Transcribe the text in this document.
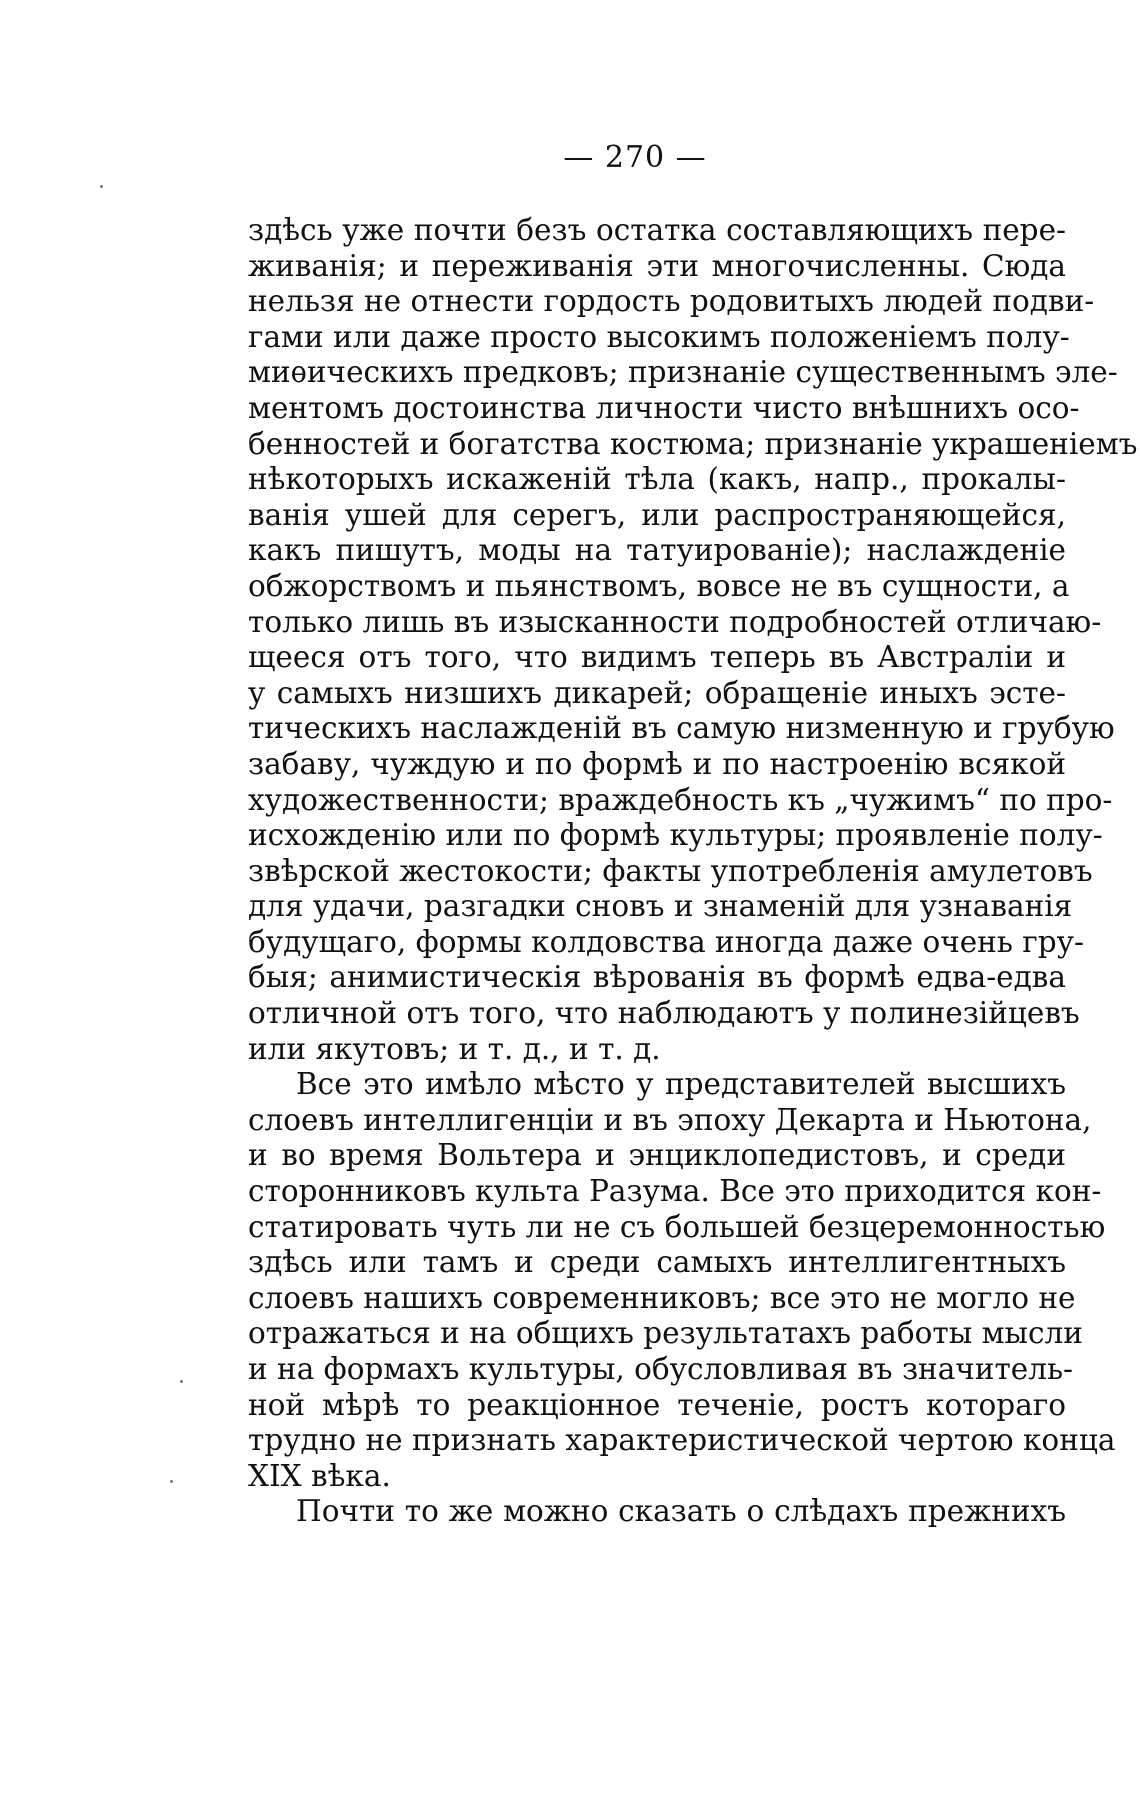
— 270 —
здѣсь уже почти безъ остатка составляющихъ пере-
живанія; и переживанія эти многочисленны. Сюда
нельзя не отнести гордость родовитыхъ людей подви-
гами или даже просто высокимъ положеніемъ полу-
миѳическихъ предковъ; признаніе существеннымъ эле-
ментомъ достоинства личности чисто внѣшнихъ осо-
бенностей и богатства костюма; признаніе украшеніемъ
нѣкоторыхъ искаженій тѣла (какъ, напр., прокалы-
ванія ушей для серегъ, или распространяющейся,
какъ пишутъ, моды на татуированіе); наслажденіе
обжорствомъ и пьянствомъ, вовсе не въ сущности, а
только лишь въ изысканности подробностей отличаю-
щееся отъ того, что видимъ теперь въ Австраліи и
у самыхъ низшихъ дикарей; обращеніе иныхъ эсте-
тическихъ наслажденій въ самую низменную и грубую
забаву, чуждую и по формѣ и по настроенію всякой
художественности; враждебность къ „чужимъ“ по про-
исхожденію или по формѣ культуры; проявленіе полу-
звѣрской жестокости; факты употребленія амулетовъ
для удачи, разгадки сновъ и знаменій для узнаванія
будущаго, формы колдовства иногда даже очень гру-
быя; анимистическія вѣрованія въ формѣ едва-едва
отличной отъ того, что наблюдаютъ у полинезійцевъ
или якутовъ; и т. д., и т. д.
Все это имѣло мѣсто у представителей высшихъ
слоевъ интеллигенціи и въ эпоху Декарта и Ньютона,
и во время Вольтера и энциклопедистовъ, и среди
сторонниковъ культа Разума. Все это приходится кон-
статировать чуть ли не съ большей безцеремонностью
здѣсь или тамъ и среди самыхъ интеллигентныхъ
слоевъ нашихъ современниковъ; все это не могло не
отражаться и на общихъ результатахъ работы мысли
и на формахъ культуры, обусловливая въ значитель-
ной мѣрѣ то реакціонное теченіе, ростъ котораго
трудно не признать характеристической чертою конца
XIX вѣка.
Почти то же можно сказать о слѣдахъ прежнихъ
